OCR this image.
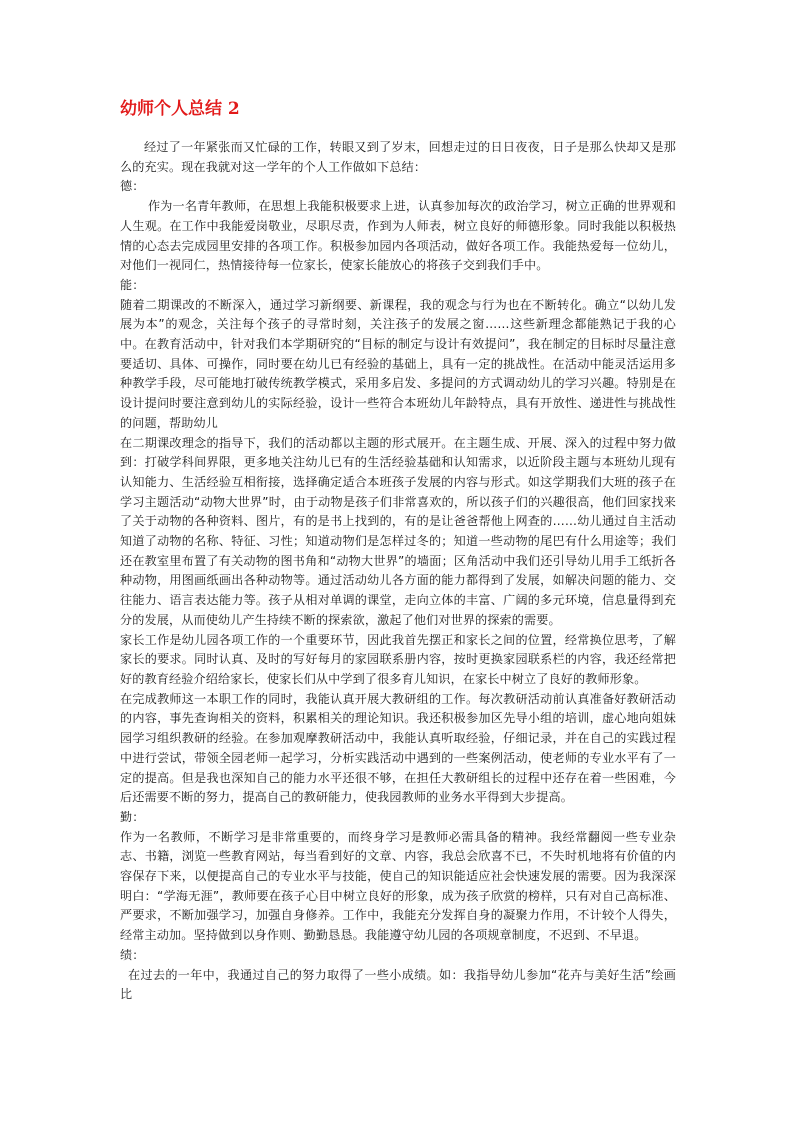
幼师个人总结 2

经过了一年紧张而又忙碌的工作，转眼又到了岁末，回想走过的日日夜夜，日子是那么快却又是那么的充实。现在我就对这一学年的个人工作做如下总结：

德：

作为一名青年教师，在思想上我能积极要求上进，认真参加每次的政治学习，树立正确的世界观和人生观。在工作中我能爱岗敬业，尽职尽责，作到为人师表，树立良好的师德形象。同时我能以积极热情的心态去完成园里安排的各项工作。积极参加园内各项活动，做好各项工作。我能热爱每一位幼儿，对他们一视同仁，热情接待每一位家长，使家长能放心的将孩子交到我们手中。

能：

随着二期课改的不断深入，通过学习新纲要、新课程，我的观念与行为也在不断转化。确立“以幼儿发展为本”的观念，关注每个孩子的寻常时刻，关注孩子的发展之窗……这些新理念都能熟记于我的心中。在教育活动中，针对我们本学期研究的“目标的制定与设计有效提问”，我在制定的目标时尽量注意要适切、具体、可操作，同时要在幼儿已有经验的基础上，具有一定的挑战性。在活动中能灵活运用多种教学手段，尽可能地打破传统教学模式，采用多启发、多提问的方式调动幼儿的学习兴趣。特别是在设计提问时要注意到幼儿的实际经验，设计一些符合本班幼儿年龄特点，具有开放性、递进性与挑战性的问题，帮助幼儿

在二期课改理念的指导下，我们的活动都以主题的形式展开。在主题生成、开展、深入的过程中努力做到：打破学科间界限，更多地关注幼儿已有的生活经验基础和认知需求，以近阶段主题与本班幼儿现有认知能力、生活经验互相衔接，选择确定适合本班孩子发展的内容与形式。如这学期我们大班的孩子在学习主题活动“动物大世界”时，由于动物是孩子们非常喜欢的，所以孩子们的兴趣很高，他们回家找来了关于动物的各种资料、图片，有的是书上找到的，有的是让爸爸帮他上网查的……幼儿通过自主活动知道了动物的名称、特征、习性；知道动物们是怎样过冬的；知道一些动物的尾巴有什么用途等；我们还在教室里布置了有关动物的图书角和“动物大世界”的墙面；区角活动中我们还引导幼儿用手工纸折各种动物，用图画纸画出各种动物等。通过活动幼儿各方面的能力都得到了发展，如解决问题的能力、交往能力、语言表达能力等。孩子从相对单调的课堂，走向立体的丰富、广阔的多元环境，信息量得到充分的发展，从而使幼儿产生持续不断的探索欲，激起了他们对世界的探索的需要。

家长工作是幼儿园各项工作的一个重要环节，因此我首先摆正和家长之间的位置，经常换位思考，了解家长的要求。同时认真、及时的写好每月的家园联系册内容，按时更换家园联系栏的内容，我还经常把好的教育经验介绍给家长，使家长们从中学到了很多育儿知识，在家长中树立了良好的教师形象。

在完成教师这一本职工作的同时，我能认真开展大教研组的工作。每次教研活动前认真准备好教研活动的内容，事先查询相关的资料，积累相关的理论知识。我还积极参加区先导小组的培训，虚心地向姐妹园学习组织教研的经验。在参加观摩教研活动中，我能认真听取经验，仔细记录，并在自己的实践过程中进行尝试，带领全园老师一起学习，分析实践活动中遇到的一些案例活动，使老师的专业水平有了一定的提高。但是我也深知自己的能力水平还很不够，在担任大教研组长的过程中还存在着一些困难，今后还需要不断的努力，提高自己的教研能力，使我园教师的业务水平得到大步提高。

勤：

作为一名教师，不断学习是非常重要的，而终身学习是教师必需具备的精神。我经常翻阅一些专业杂志、书籍，浏览一些教育网站，每当看到好的文章、内容，我总会欣喜不已，不失时机地将有价值的内容保存下来，以便提高自己的专业水平与技能，使自己的知识能适应社会快速发展的需要。因为我深深明白：“学海无涯”，教师要在孩子心目中树立良好的形象，成为孩子欣赏的榜样，只有对自己高标准、严要求，不断加强学习，加强自身修养。工作中，我能充分发挥自身的凝聚力作用，不计较个人得失，经常主动加。坚持做到以身作则、勤勤恳恳。我能遵守幼儿园的各项规章制度，不迟到、不早退。

绩：

在过去的一年中，我通过自己的努力取得了一些小成绩。如：我指导幼儿参加“花卉与美好生活”绘画比
